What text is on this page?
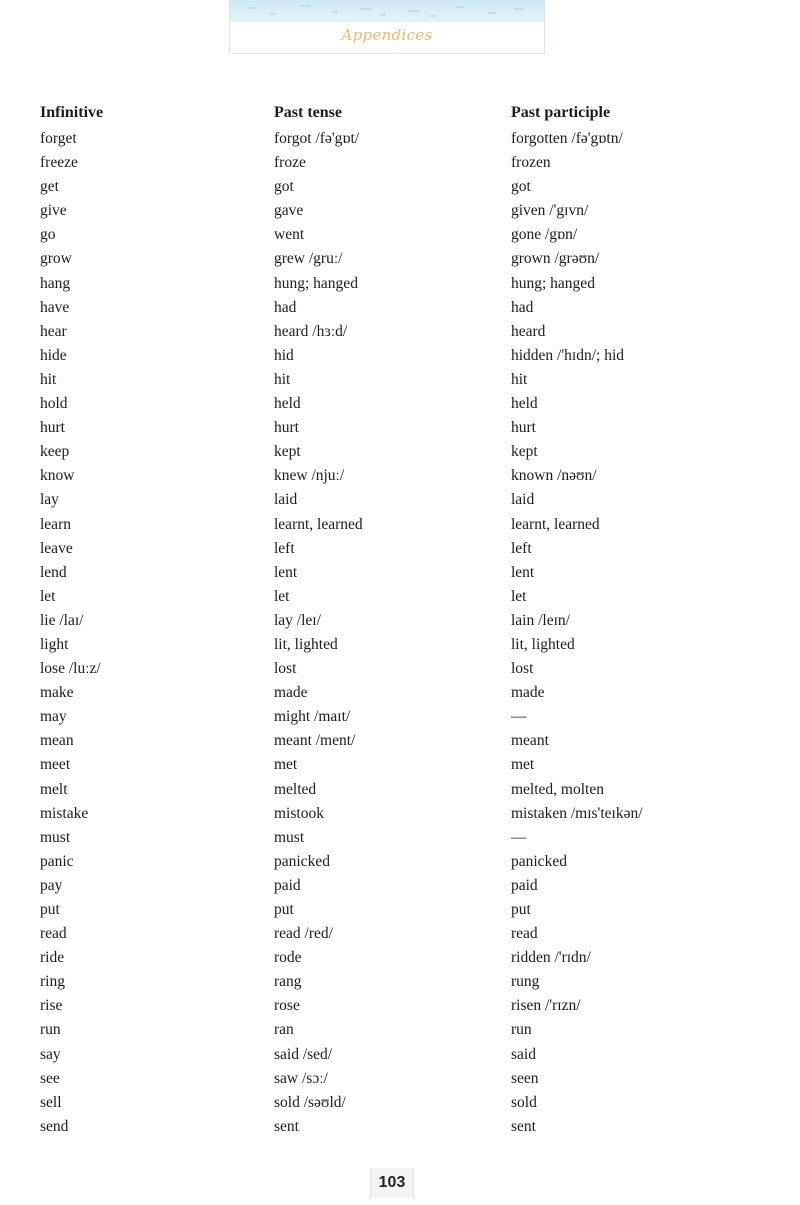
Appendices
Infinitive	Past tense	Past participle
forget	forgot /fə'gɒt/	forgotten /fə'gɒtn/
freeze	froze	frozen
get	got	got
give	gave	given /'gɪvn/
go	went	gone /gɒn/
grow	grew /gruː/	grown /grəʊn/
hang	hung; hanged	hung; hanged
have	had	had
hear	heard /hɜːd/	heard
hide	hid	hidden /'hɪdn/; hid
hit	hit	hit
hold	held	held
hurt	hurt	hurt
keep	kept	kept
know	knew /njuː/	known /nəʊn/
lay	laid	laid
learn	learnt, learned	learnt, learned
leave	left	left
lend	lent	lent
let	let	let
lie /laɪ/	lay /leɪ/	lain /leɪn/
light	lit, lighted	lit, lighted
lose /luːz/	lost	lost
make	made	made
may	might /maɪt/	—
mean	meant /ment/	meant
meet	met	met
melt	melted	melted, molten
mistake	mistook	mistaken /mɪs'teɪkən/
must	must	—
panic	panicked	panicked
pay	paid	paid
put	put	put
read	read /red/	read
ride	rode	ridden /'rɪdn/
ring	rang	rung
rise	rose	risen /'rɪzn/
run	ran	run
say	said /sed/	said
see	saw /sɔː/	seen
sell	sold /səʊld/	sold
send	sent	sent
103
